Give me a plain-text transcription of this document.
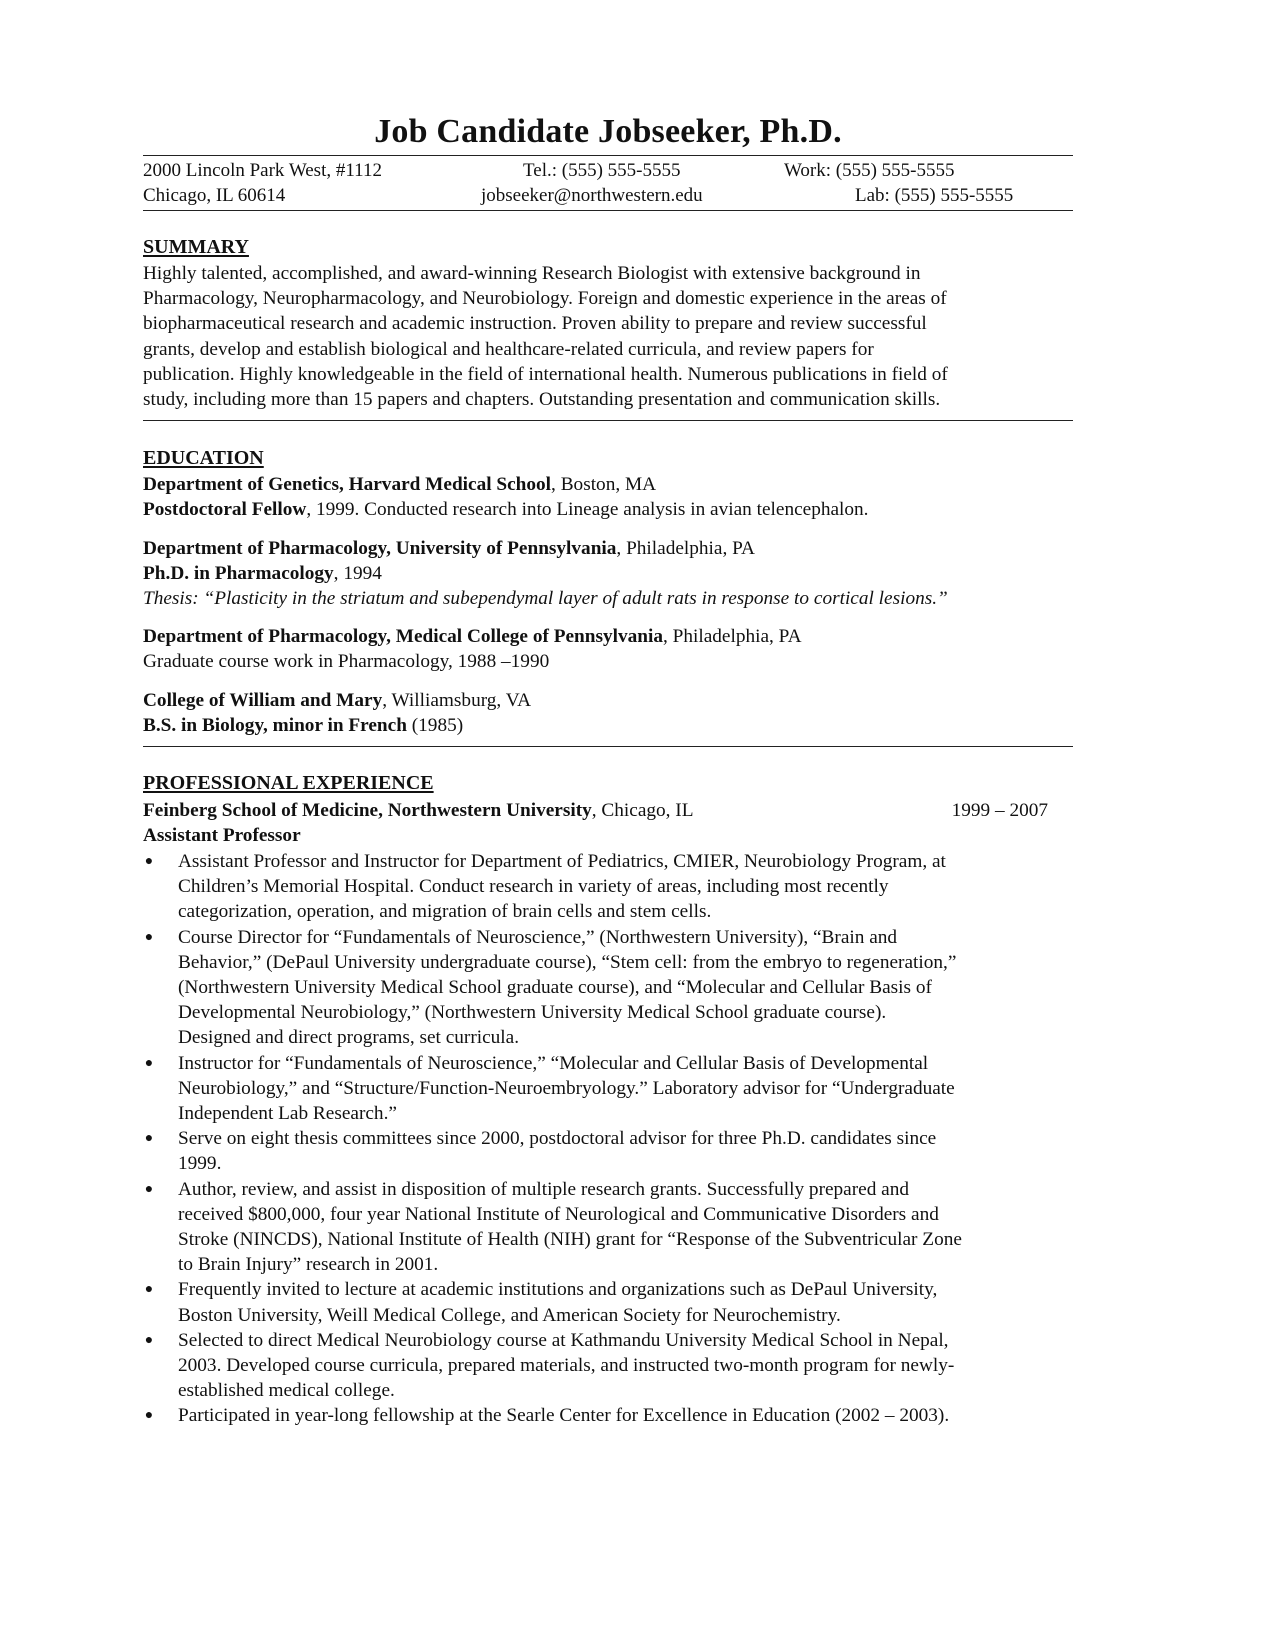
Job Candidate Jobseeker, Ph.D.
2000 Lincoln Park West, #1112
Chicago, IL 60614
Tel.: (555) 555-5555
jobseeker@northwestern.edu
Work: (555) 555-5555
Lab: (555) 555-5555
SUMMARY
Highly talented, accomplished, and award-winning Research Biologist with extensive background in
Pharmacology, Neuropharmacology, and Neurobiology. Foreign and domestic experience in the areas of
biopharmaceutical research and academic instruction. Proven ability to prepare and review successful
grants, develop and establish biological and healthcare-related curricula, and review papers for
publication. Highly knowledgeable in the field of international health. Numerous publications in field of
study, including more than 15 papers and chapters. Outstanding presentation and communication skills.
EDUCATION
Department of Genetics, Harvard Medical School, Boston, MA
Postdoctoral Fellow, 1999. Conducted research into Lineage analysis in avian telencephalon.
Department of Pharmacology, University of Pennsylvania, Philadelphia, PA
Ph.D. in Pharmacology, 1994
Thesis: “Plasticity in the striatum and subependymal layer of adult rats in response to cortical lesions.”
Department of Pharmacology, Medical College of Pennsylvania, Philadelphia, PA
Graduate course work in Pharmacology, 1988 –1990
College of William and Mary, Williamsburg, VA
B.S. in Biology, minor in French (1985)
PROFESSIONAL EXPERIENCE
Feinberg School of Medicine, Northwestern University, Chicago, IL	1999 – 2007
Assistant Professor
● Assistant Professor and Instructor for Department of Pediatrics, CMIER, Neurobiology Program, at
Children’s Memorial Hospital. Conduct research in variety of areas, including most recently
categorization, operation, and migration of brain cells and stem cells.
● Course Director for “Fundamentals of Neuroscience,” (Northwestern University), “Brain and
Behavior,” (DePaul University undergraduate course), “Stem cell: from the embryo to regeneration,”
(Northwestern University Medical School graduate course), and “Molecular and Cellular Basis of
Developmental Neurobiology,” (Northwestern University Medical School graduate course).
Designed and direct programs, set curricula.
● Instructor for “Fundamentals of Neuroscience,” “Molecular and Cellular Basis of Developmental
Neurobiology,” and “Structure/Function-Neuroembryology.” Laboratory advisor for “Undergraduate
Independent Lab Research.”
● Serve on eight thesis committees since 2000, postdoctoral advisor for three Ph.D. candidates since
1999.
● Author, review, and assist in disposition of multiple research grants. Successfully prepared and
received $800,000, four year National Institute of Neurological and Communicative Disorders and
Stroke (NINCDS), National Institute of Health (NIH) grant for “Response of the Subventricular Zone
to Brain Injury” research in 2001.
● Frequently invited to lecture at academic institutions and organizations such as DePaul University,
Boston University, Weill Medical College, and American Society for Neurochemistry.
● Selected to direct Medical Neurobiology course at Kathmandu University Medical School in Nepal,
2003. Developed course curricula, prepared materials, and instructed two-month program for newly-
established medical college.
● Participated in year-long fellowship at the Searle Center for Excellence in Education (2002 – 2003).
